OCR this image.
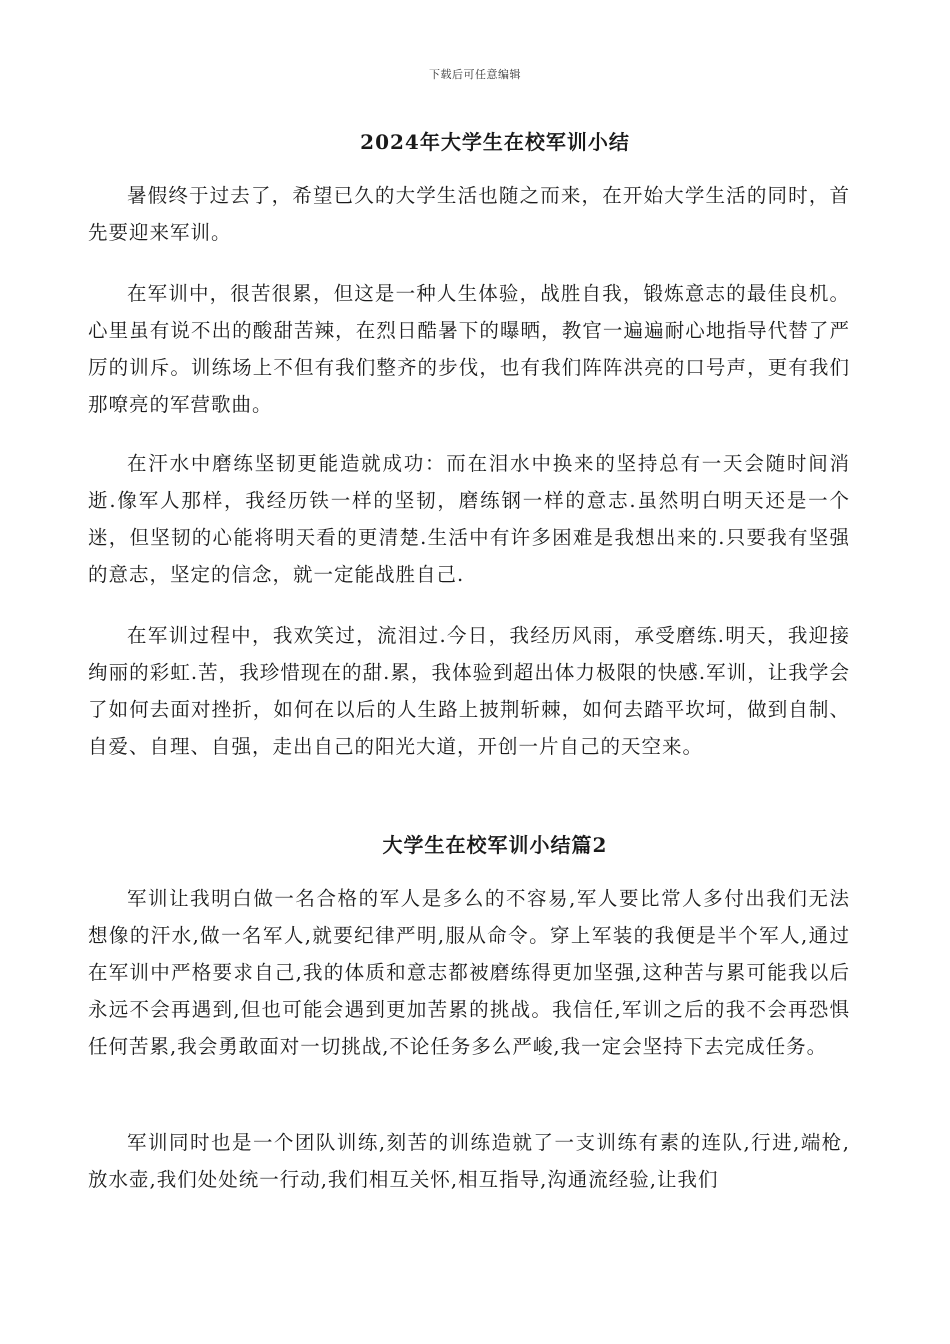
下载后可任意编辑
2024年大学生在校军训小结

暑假终于过去了，希望已久的大学生活也随之而来，在开始大学生活的同时，首先要迎来军训。

在军训中，很苦很累，但这是一种人生体验，战胜自我，锻炼意志的最佳良机。心里虽有说不出的酸甜苦辣，在烈日酷暑下的曝晒，教官一遍遍耐心地指导代替了严厉的训斥。训练场上不但有我们整齐的步伐，也有我们阵阵洪亮的口号声，更有我们那嘹亮的军营歌曲。

在汗水中磨练坚韧更能造就成功：而在泪水中换来的坚持总有一天会随时间消逝.像军人那样，我经历铁一样的坚韧，磨练钢一样的意志.虽然明白明天还是一个迷，但坚韧的心能将明天看的更清楚.生活中有许多困难是我想出来的.只要我有坚强的意志，坚定的信念，就一定能战胜自己.

在军训过程中，我欢笑过，流泪过.今日，我经历风雨，承受磨练.明天，我迎接绚丽的彩虹.苦，我珍惜现在的甜.累，我体验到超出体力极限的快感.军训，让我学会了如何去面对挫折，如何在以后的人生路上披荆斩棘，如何去踏平坎坷，做到自制、自爱、自理、自强，走出自己的阳光大道，开创一片自己的天空来。

大学生在校军训小结篇2

军训让我明白做一名合格的军人是多么的不容易,军人要比常人多付出我们无法想像的汗水,做一名军人,就要纪律严明,服从命令。穿上军装的我便是半个军人,通过在军训中严格要求自己,我的体质和意志都被磨练得更加坚强,这种苦与累可能我以后永远不会再遇到,但也可能会遇到更加苦累的挑战。我信任,军训之后的我不会再恐惧任何苦累,我会勇敢面对一切挑战,不论任务多么严峻,我一定会坚持下去完成任务。

军训同时也是一个团队训练,刻苦的训练造就了一支训练有素的连队,行进,端枪,放水壶,我们处处统一行动,我们相互关怀,相互指导,沟通流经验,让我们
